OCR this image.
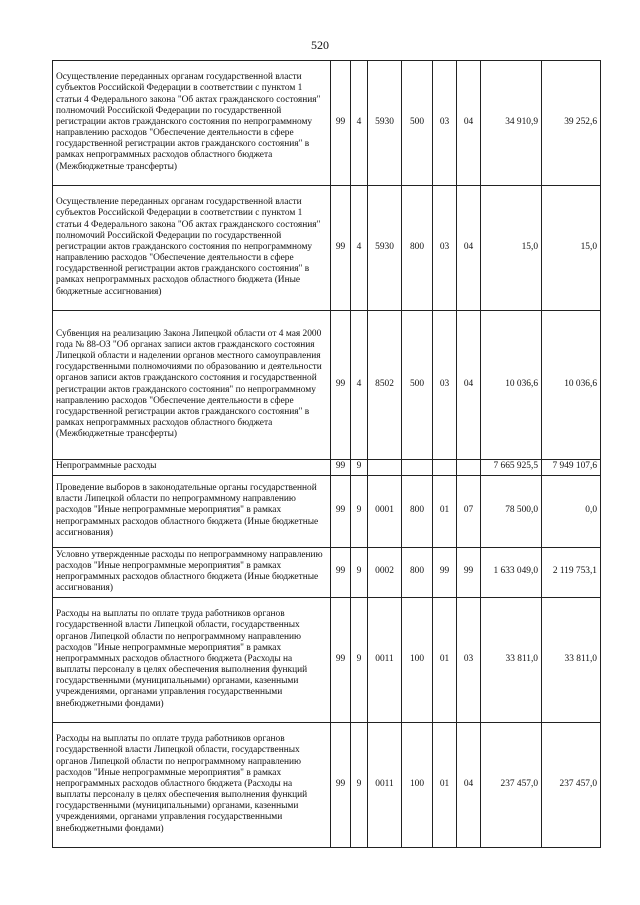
520
Осуществление переданных органам государственной власти субъектов Российской Федерации в соответствии с пунктом 1 статьи 4 Федерального закона "Об актах гражданского состояния" полномочий Российской Федерации по государственной регистрации актов гражданского состояния по непрограммному направлению расходов "Обеспечение деятельности в сфере государственной регистрации актов гражданского состояния" в рамках непрограммных расходов областного бюджета (Межбюджетные трансферты)	99	4	5930	500	03	04	34 910,9	39 252,6
Осуществление переданных органам государственной власти субъектов Российской Федерации в соответствии с пунктом 1 статьи 4 Федерального закона "Об актах гражданского состояния" полномочий Российской Федерации по государственной регистрации актов гражданского состояния по непрограммному направлению расходов "Обеспечение деятельности в сфере государственной регистрации актов гражданского состояния" в рамках непрограммных расходов областного бюджета (Иные бюджетные ассигнования)	99	4	5930	800	03	04	15,0	15,0
Субвенция на реализацию Закона Липецкой области от 4 мая 2000 года № 88-ОЗ "Об органах записи актов гражданского состояния Липецкой области и наделении органов местного самоуправления государственными полномочиями по образованию и деятельности органов записи актов гражданского состояния и государственной регистрации актов гражданского состояния" по непрограммному направлению расходов "Обеспечение деятельности в сфере государственной регистрации актов гражданского состояния" в рамках непрограммных расходов областного бюджета (Межбюджетные трансферты)	99	4	8502	500	03	04	10 036,6	10 036,6
Непрограммные расходы	99	9					7 665 925,5	7 949 107,6
Проведение выборов в законодательные органы государственной власти Липецкой области по непрограммному направлению расходов "Иные непрограммные мероприятия" в рамках непрограммных расходов областного бюджета (Иные бюджетные ассигнования)	99	9	0001	800	01	07	78 500,0	0,0
Условно утвержденные расходы по непрограммному направлению расходов "Иные непрограммные мероприятия" в рамках непрограммных расходов областного бюджета (Иные бюджетные ассигнования)	99	9	0002	800	99	99	1 633 049,0	2 119 753,1
Расходы на выплаты по оплате труда работников органов государственной власти Липецкой области, государственных органов Липецкой области по непрограммному направлению расходов "Иные непрограммные мероприятия" в рамках непрограммных расходов областного бюджета (Расходы на выплаты персоналу в целях обеспечения выполнения функций государственными (муниципальными) органами, казенными учреждениями, органами управления государственными внебюджетными фондами)	99	9	0011	100	01	03	33 811,0	33 811,0
Расходы на выплаты по оплате труда работников органов государственной власти Липецкой области, государственных органов Липецкой области по непрограммному направлению расходов "Иные непрограммные мероприятия" в рамках непрограммных расходов областного бюджета (Расходы на выплаты персоналу в целях обеспечения выполнения функций государственными (муниципальными) органами, казенными учреждениями, органами управления государственными внебюджетными фондами)	99	9	0011	100	01	04	237 457,0	237 457,0
